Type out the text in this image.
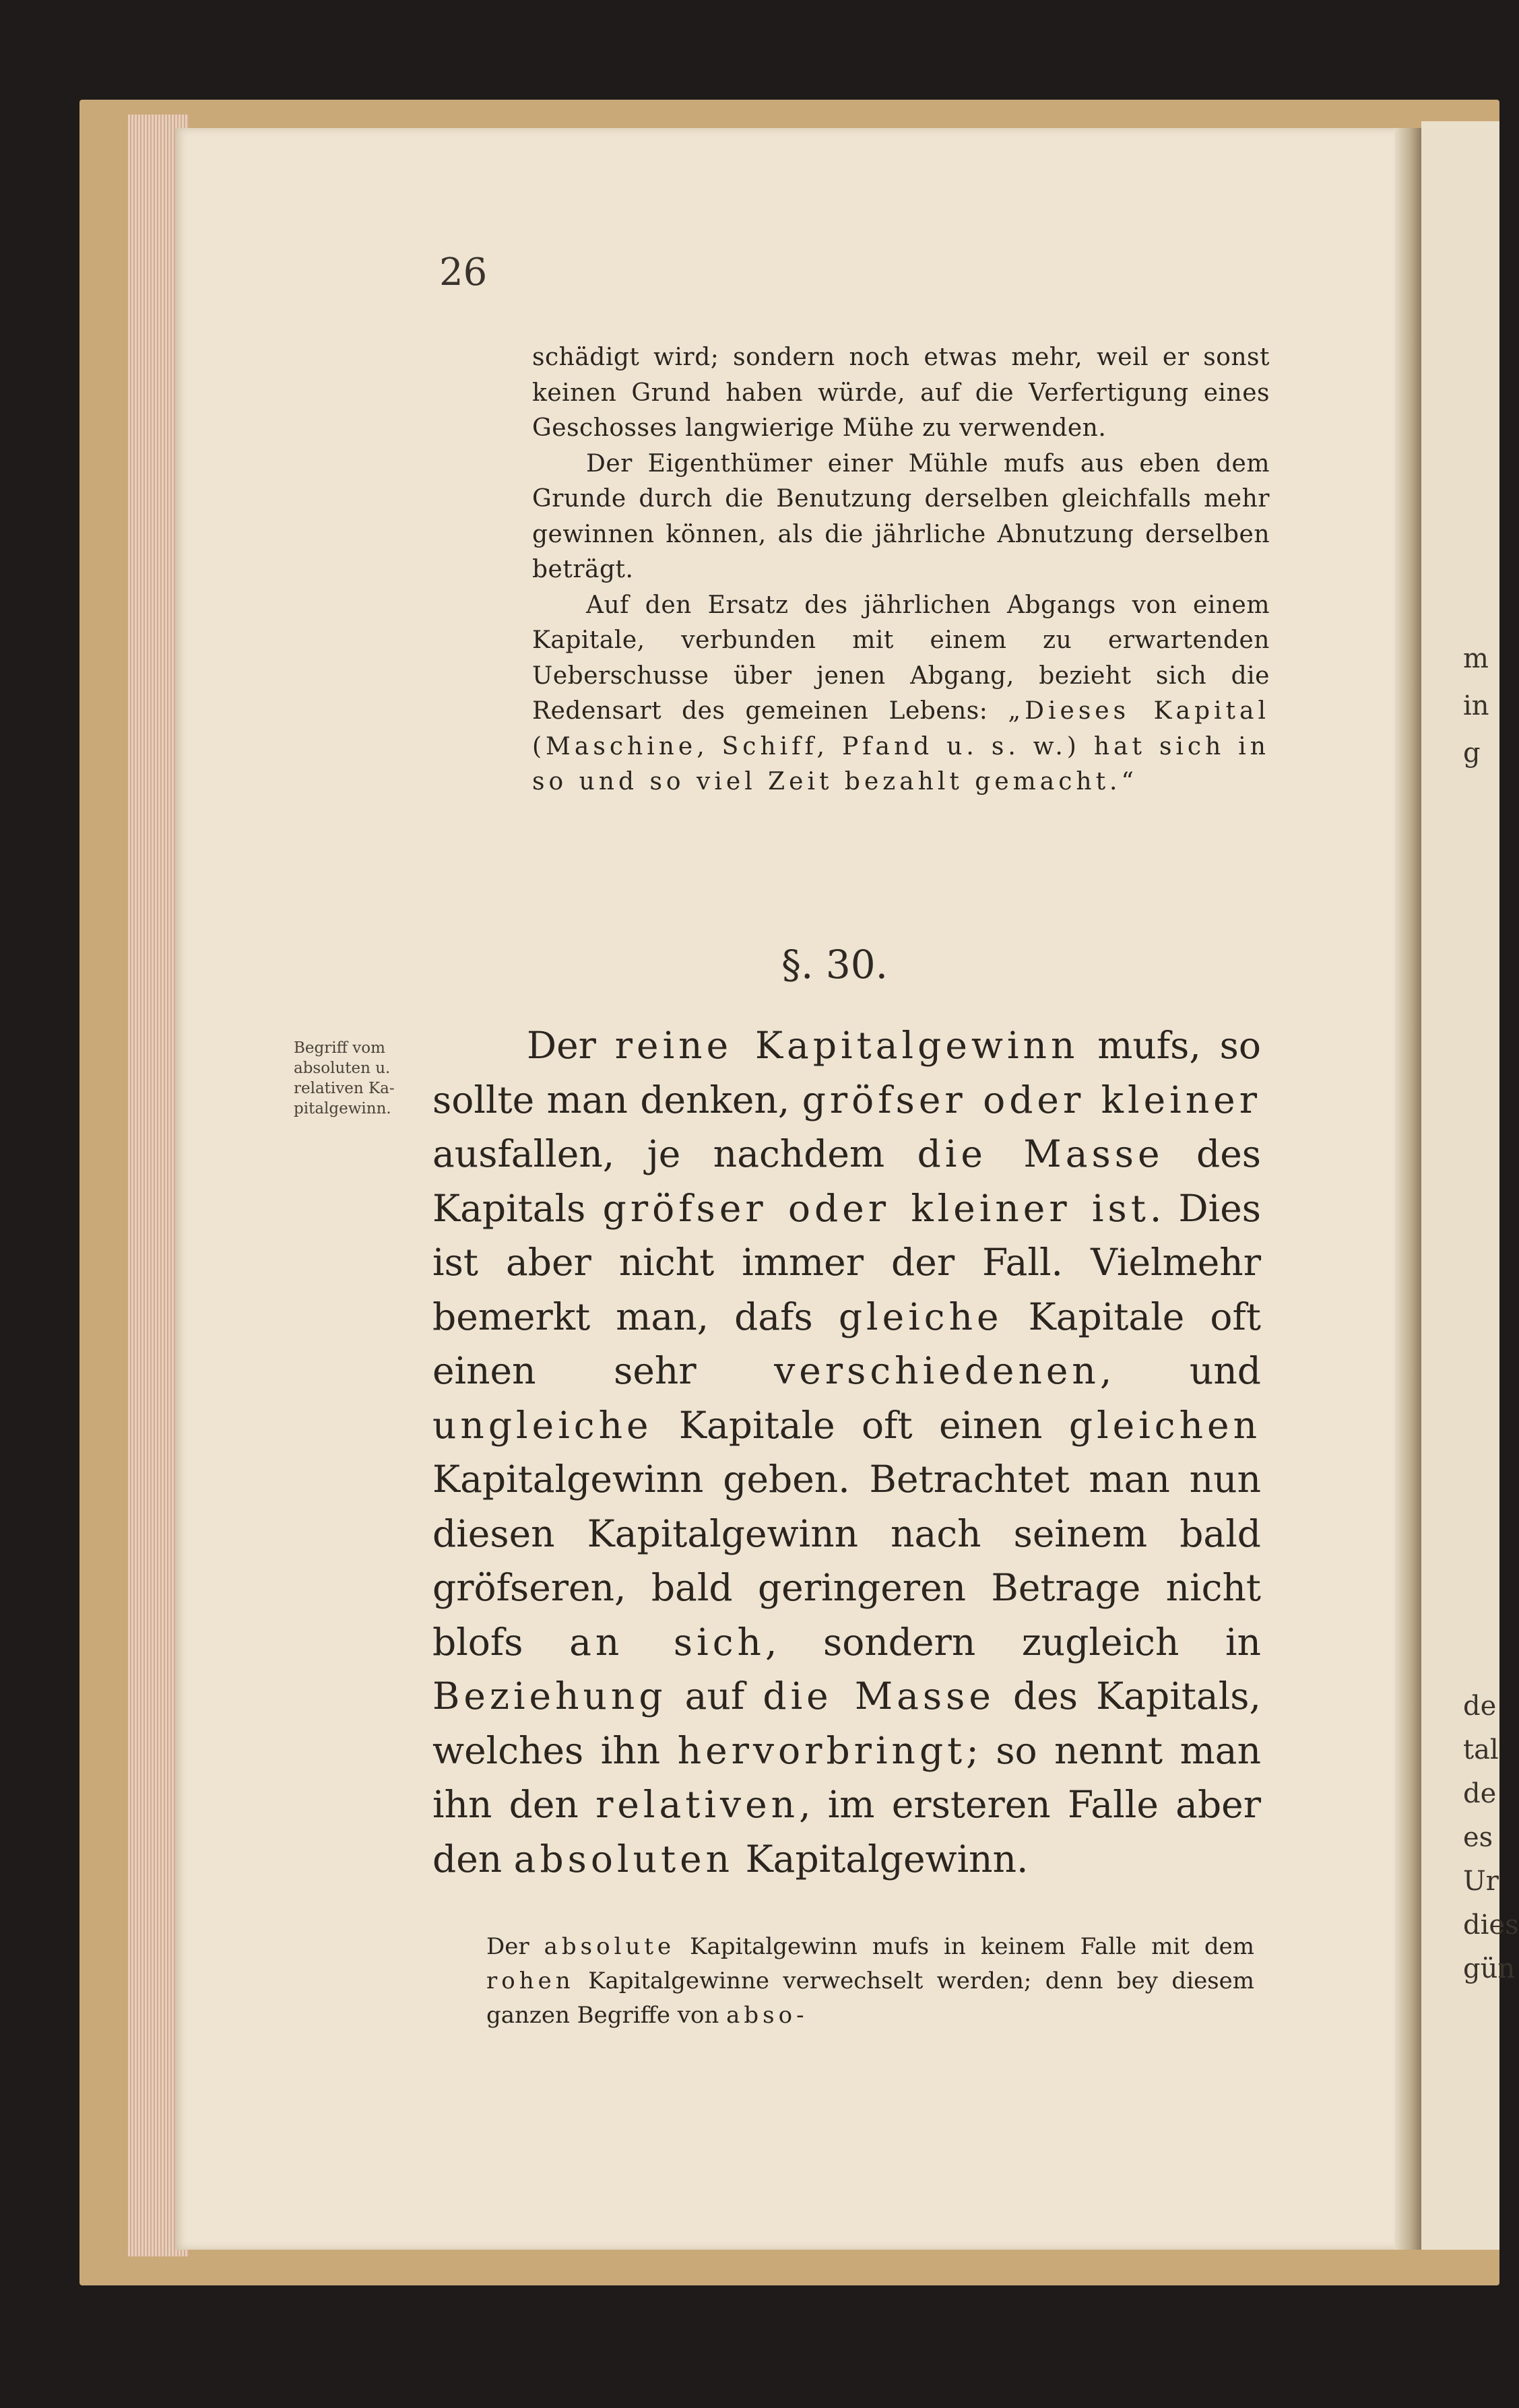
m
in
g
de
tal
de
es
Ur
dies
gün
26

schädigt wird; sondern noch etwas mehr, weil er sonst keinen Grund haben würde, auf die Verfertigung eines Geschosses langwierige Mühe zu verwenden.

Der Eigenthümer einer Mühle mufs aus eben dem Grunde durch die Benutzung derselben gleichfalls mehr gewinnen können, als die jährliche Abnutzung derselben beträgt.

Auf den Ersatz des jährlichen Abgangs von einem Kapitale, verbunden mit einem zu erwartenden Ueberschusse über jenen Abgang, bezieht sich die Redensart des gemeinen Lebens: „Dieses Kapital (Maschine, Schiff, Pfand u. s. w.) hat sich in so und so viel Zeit bezahlt gemacht.“

§. 30.
Begriff vom
absoluten u.
relativen Ka-
pitalgewinn.

Der reine Kapitalgewinn mufs, so sollte man denken, gröfser oder kleiner ausfallen, je nachdem die Masse des Kapitals gröfser oder kleiner ist. Dies ist aber nicht immer der Fall. Vielmehr bemerkt man, dafs gleiche Kapitale oft einen sehr verschiedenen, und ungleiche Kapitale oft einen gleichen Kapitalgewinn geben. Betrachtet man nun diesen Kapitalgewinn nach seinem bald gröfseren, bald geringeren Betrage nicht blofs an sich, sondern zugleich in Beziehung auf die Masse des Kapitals, welches ihn hervorbringt; so nennt man ihn den relativen, im ersteren Falle aber den absoluten Kapitalgewinn.

Der absolute Kapitalgewinn mufs in keinem Falle mit dem rohen Kapitalgewinne verwechselt werden; denn bey diesem ganzen Begriffe von abso-
